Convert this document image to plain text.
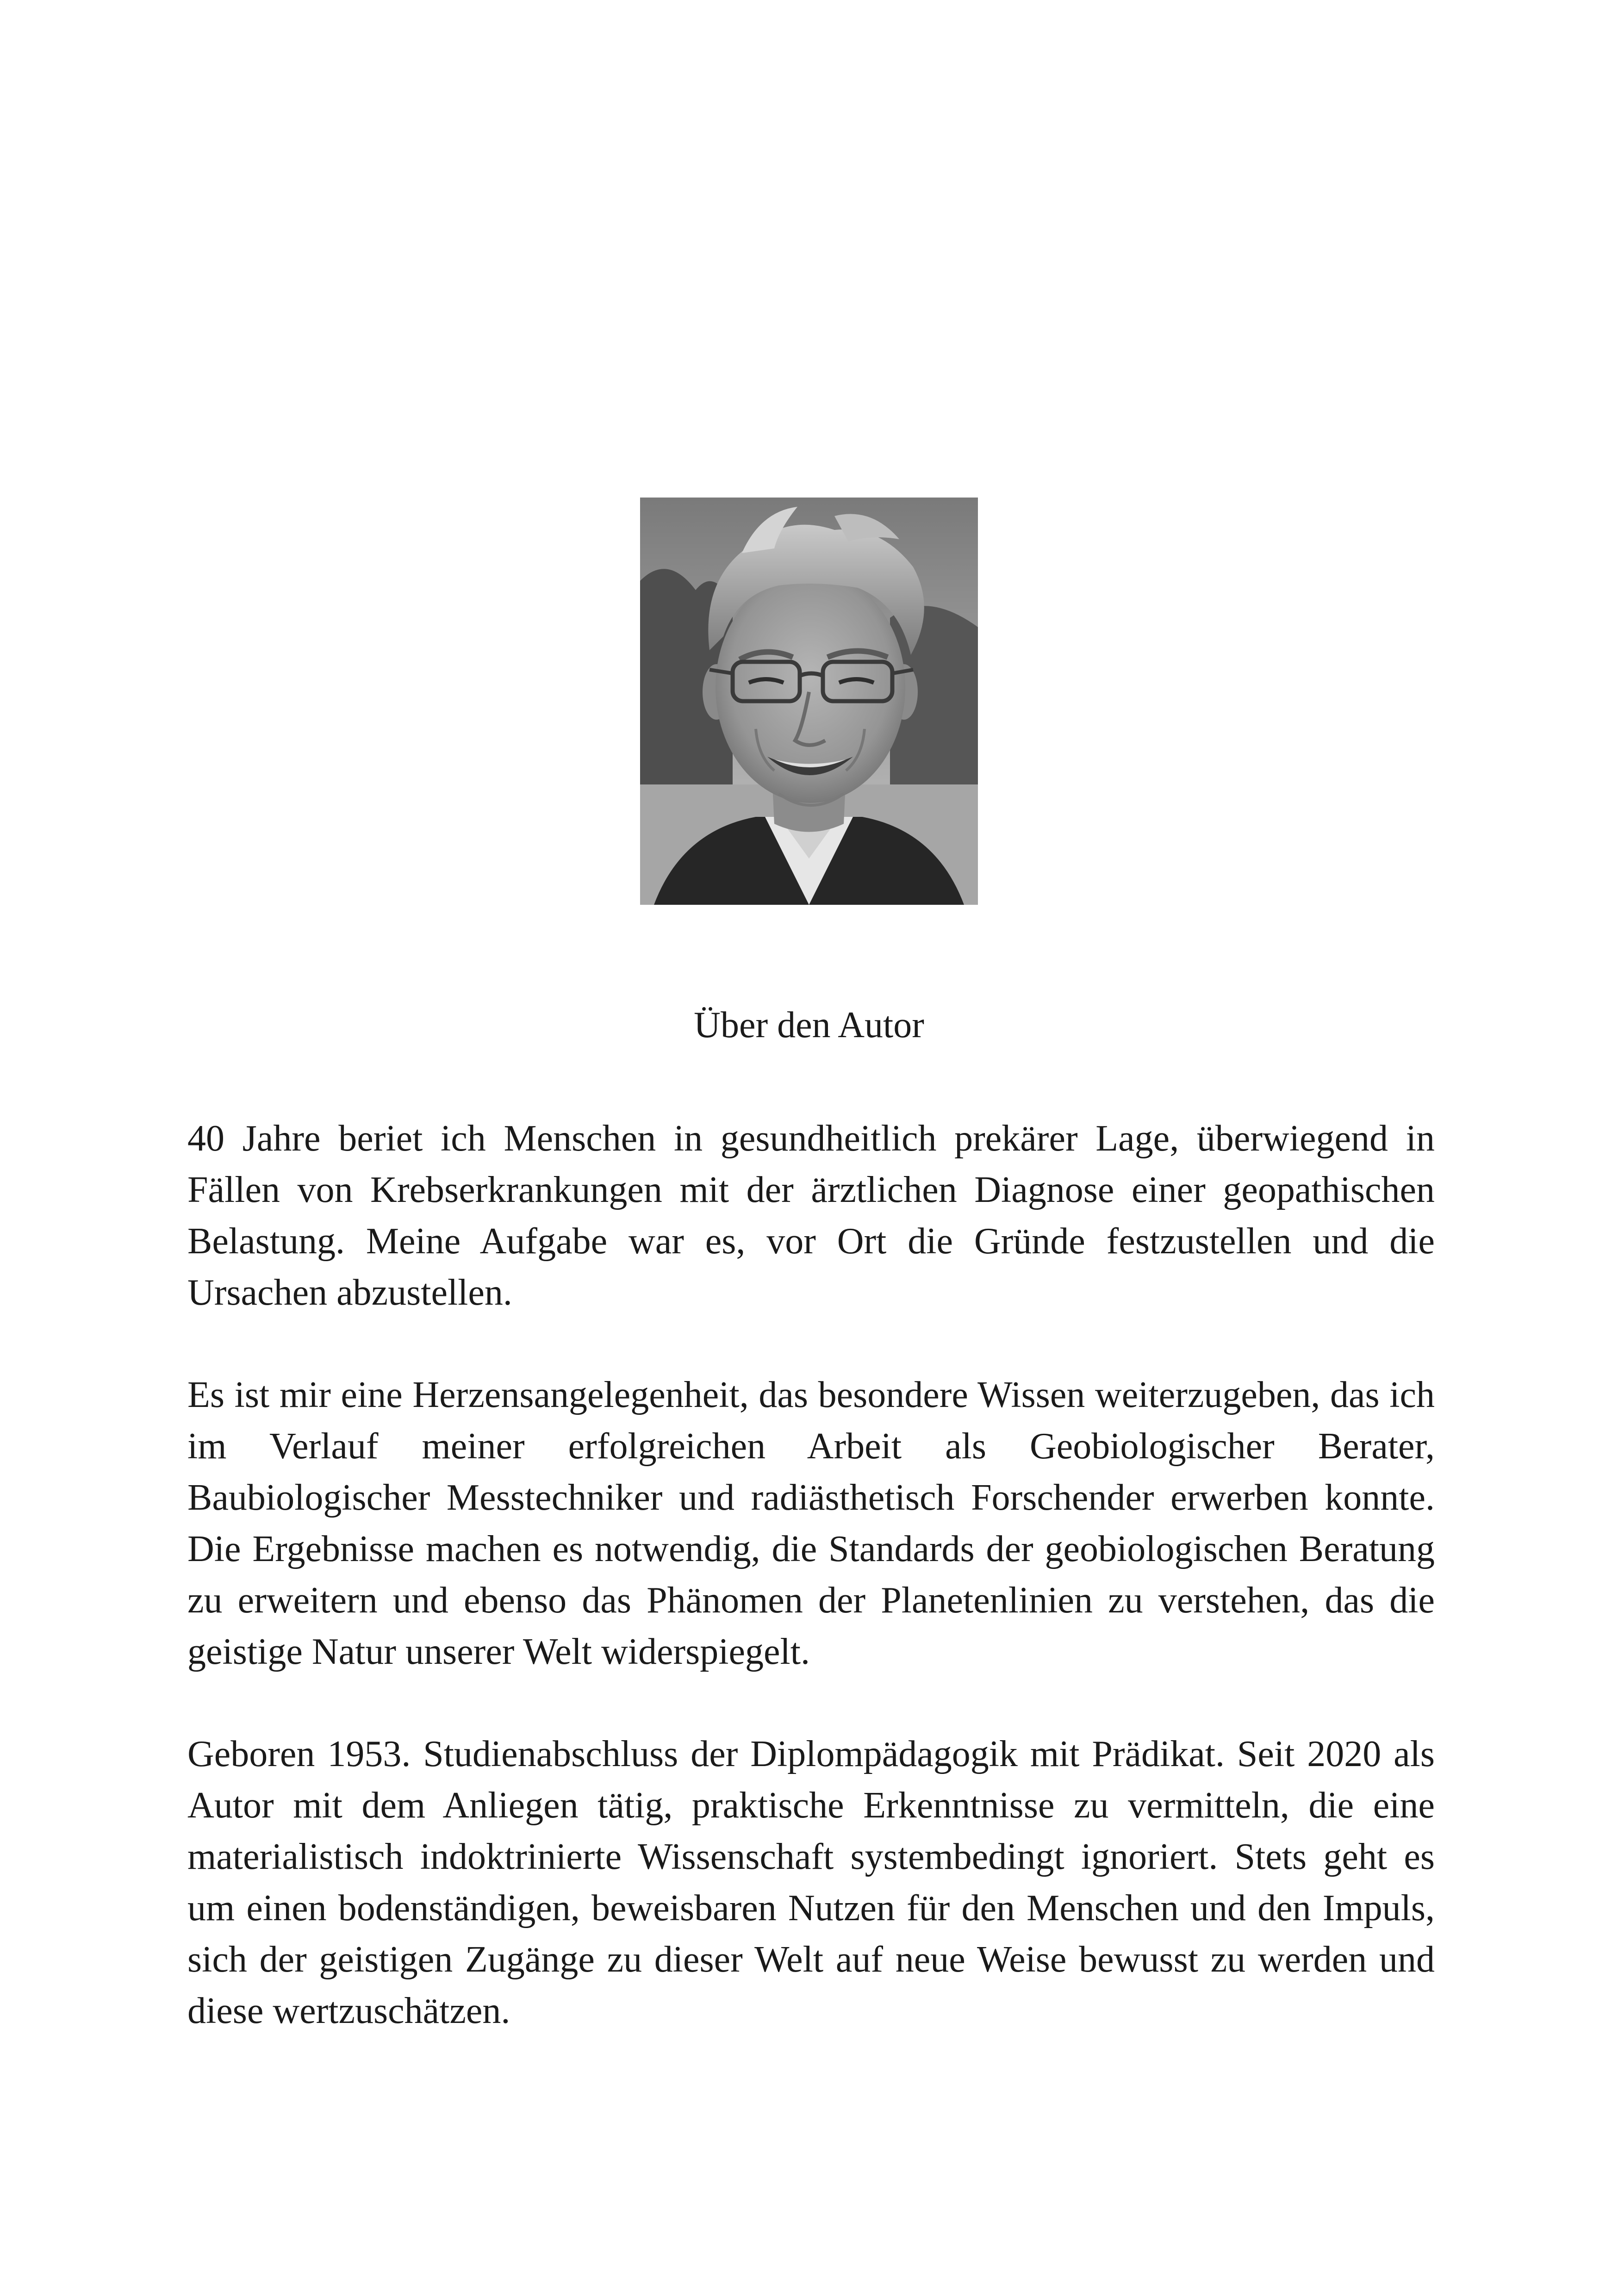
Über den Autor

40 Jahre beriet ich Menschen in gesundheitlich prekärer Lage, überwiegend in Fällen von Krebserkrankungen mit der ärztlichen Diagnose einer geopathischen Belastung. Meine Aufgabe war es, vor Ort die Gründe festzustellen und die Ursachen abzustellen.

Es ist mir eine Herzensangelegenheit, das besondere Wissen weiterzugeben, das ich im Verlauf meiner erfolgreichen Arbeit als Geobiologischer Berater, Baubiologischer Messtechniker und radiästhetisch Forschender erwerben konnte. Die Ergebnisse machen es notwendig, die Standards der geobiologischen Beratung zu erweitern und ebenso das Phänomen der Planetenlinien zu verstehen, das die geistige Natur unserer Welt widerspiegelt.

Geboren 1953. Studienabschluss der Diplompädagogik mit Prädikat. Seit 2020 als Autor mit dem Anliegen tätig, praktische Erkenntnisse zu vermitteln, die eine materialistisch indoktrinierte Wissenschaft systembedingt ignoriert. Stets geht es um einen bodenständigen, beweisbaren Nutzen für den Menschen und den Impuls, sich der geistigen Zugänge zu dieser Welt auf neue Weise bewusst zu werden und diese wertzuschätzen.
